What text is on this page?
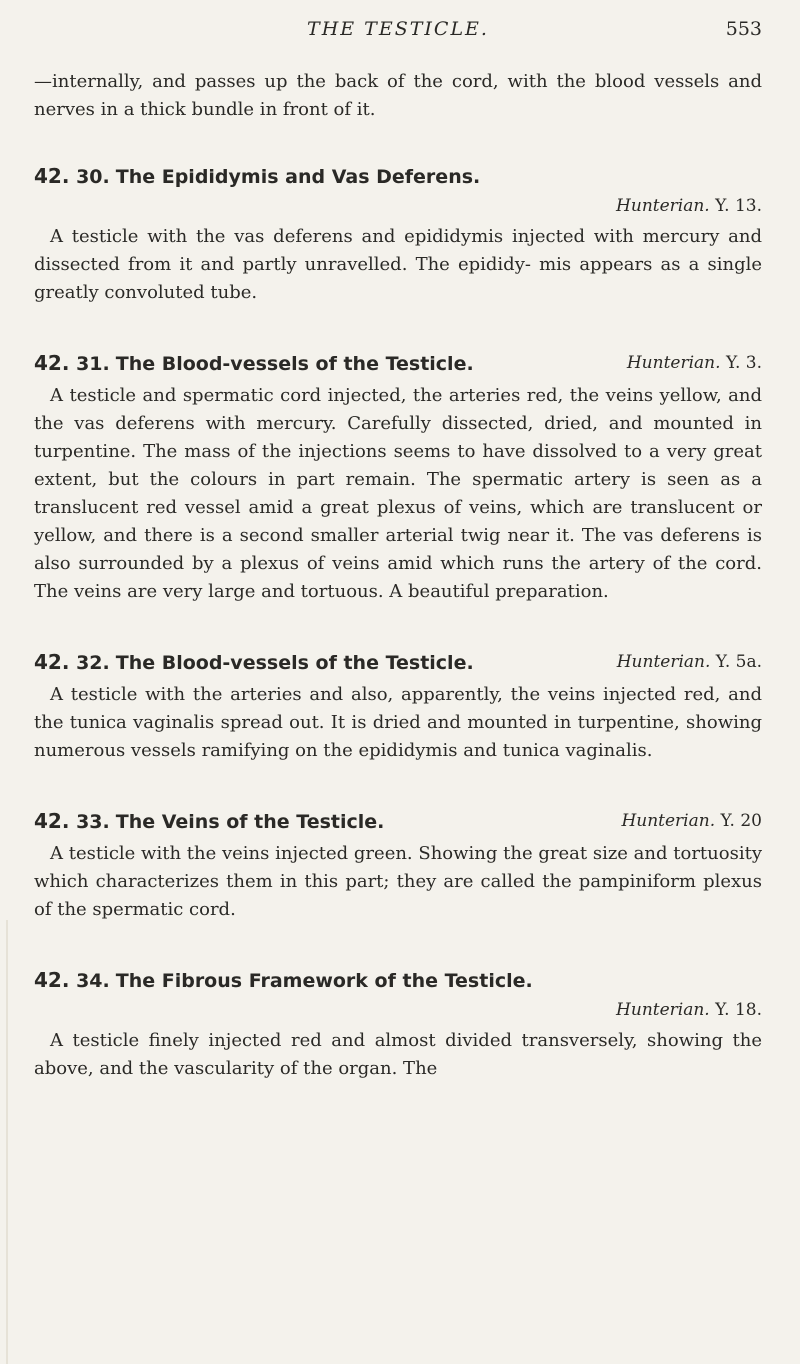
THE TESTICLE.	553

—internally, and passes up the back of the cord, with the blood vessels and nerves in a thick bundle in front of it.

42. 30. The Epididymis and Vas Deferens.
Hunterian. Y. 13.

A testicle with the vas deferens and epididymis injected with mercury and dissected from it and partly unravelled. The epididy- mis appears as a single greatly convoluted tube.

42. 31. The Blood-vessels of the Testicle.	Hunterian. Y. 3.

A testicle and spermatic cord injected, the arteries red, the veins yellow, and the vas deferens with mercury. Carefully dissected, dried, and mounted in turpentine. The mass of the injections seems to have dissolved to a very great extent, but the colours in part remain. The spermatic artery is seen as a translucent red vessel amid a great plexus of veins, which are translucent or yellow, and there is a second smaller arterial twig near it. The vas deferens is also surrounded by a plexus of veins amid which runs the artery of the cord. The veins are very large and tortuous. A beautiful preparation.

42. 32. The Blood-vessels of the Testicle.	Hunterian. Y. 5a.

A testicle with the arteries and also, apparently, the veins injected red, and the tunica vaginalis spread out. It is dried and mounted in turpentine, showing numerous vessels ramifying on the epididymis and tunica vaginalis.

42. 33. The Veins of the Testicle.	Hunterian. Y. 20

A testicle with the veins injected green. Showing the great size and tortuosity which characterizes them in this part; they are called the pampiniform plexus of the spermatic cord.

42. 34. The Fibrous Framework of the Testicle.
Hunterian. Y. 18.

A testicle finely injected red and almost divided transversely, showing the above, and the vascularity of the organ. The
